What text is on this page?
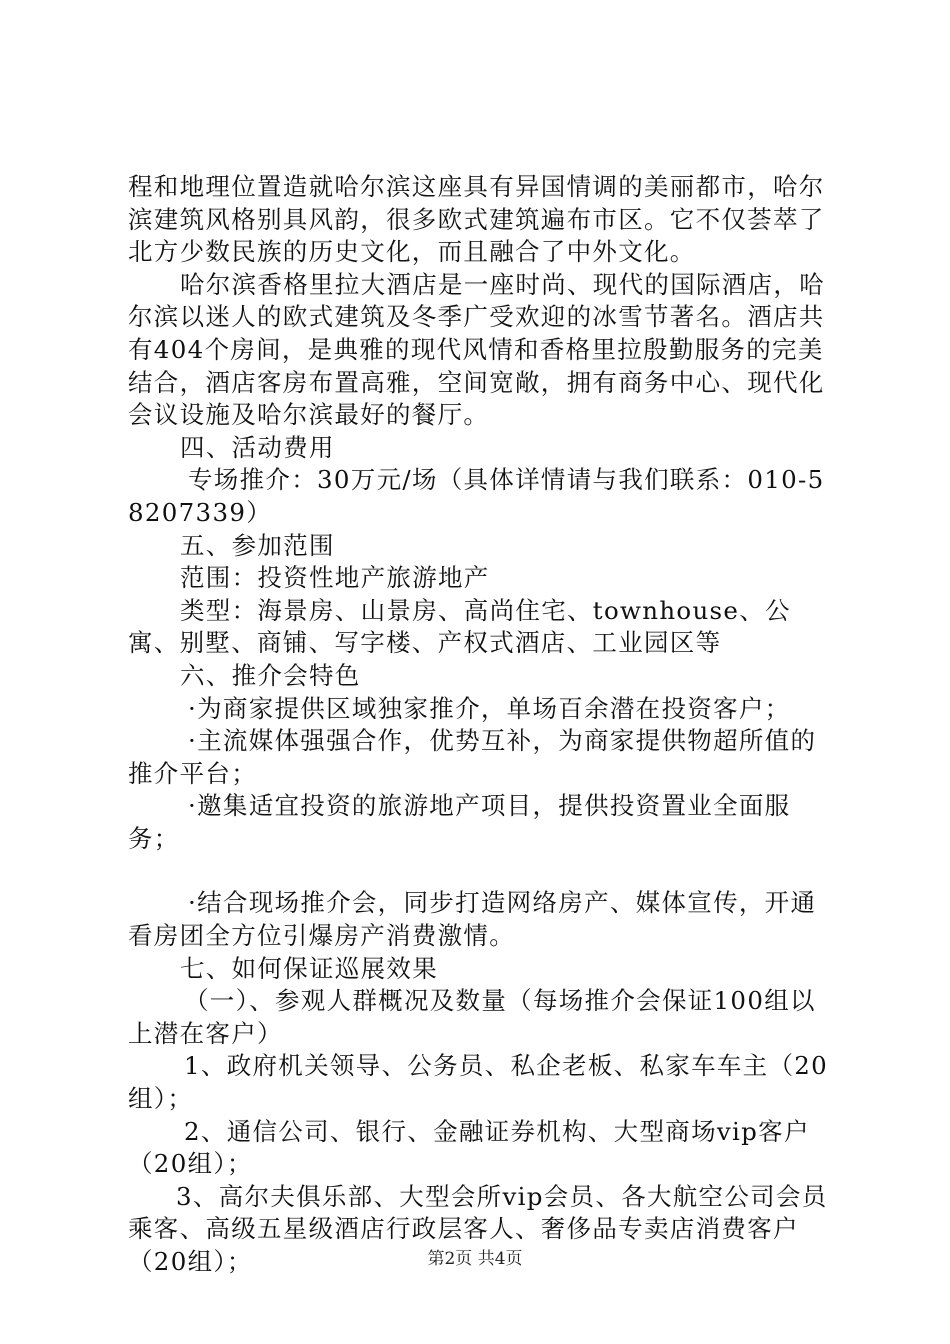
程和地理位置造就哈尔滨这座具有异国情调的美丽都市，哈尔滨建筑风格别具风韵，很多欧式建筑遍布市区。它不仅荟萃了北方少数民族的历史文化，而且融合了中外文化。

哈尔滨香格里拉大酒店是一座时尚、现代的国际酒店，哈尔滨以迷人的欧式建筑及冬季广受欢迎的冰雪节著名。酒店共有404个房间，是典雅的现代风情和香格里拉殷勤服务的完美结合，酒店客房布置高雅，空间宽敞，拥有商务中心、现代化会议设施及哈尔滨最好的餐厅。

四、活动费用

专场推介：30万元/场（具体详情请与我们联系：010-58207339）

五、参加范围

范围：投资性地产旅游地产

类型：海景房、山景房、高尚住宅、townhouse、公寓、别墅、商铺、写字楼、产权式酒店、工业园区等

六、推介会特色

·为商家提供区域独家推介，单场百余潜在投资客户；

·主流媒体强强合作，优势互补，为商家提供物超所值的推介平台；

·邀集适宜投资的旅游地产项目，提供投资置业全面服务；

·结合现场推介会，同步打造网络房产、媒体宣传，开通看房团全方位引爆房产消费激情。

七、如何保证巡展效果

（一）、参观人群概况及数量（每场推介会保证100组以上潜在客户）

1、政府机关领导、公务员、私企老板、私家车车主（20组）；

2、通信公司、银行、金融证券机构、大型商场vip客户（20组）；

3、高尔夫俱乐部、大型会所vip会员、各大航空公司会员乘客、高级五星级酒店行政层客人、奢侈品专卖店消费客户（20组）；	第2页 共4页
